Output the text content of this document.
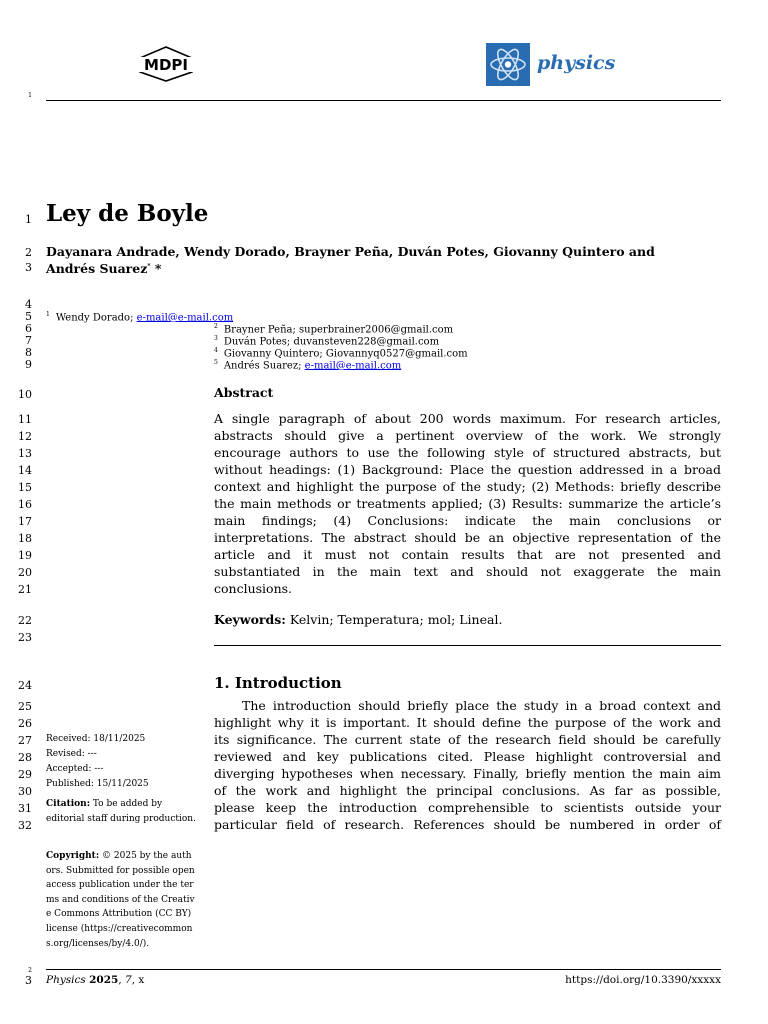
MDPI	physics
1
1 Ley de Boyle
2
3
Dayanara Andrade, Wendy Dorado, Brayner Peña, Duván Potes, Giovanny Quintero and
Andrés Suarez* *
4
5
6
7
8
9
$^1$ Wendy Dorado; e-mail@e-mail.com
$^2$ Brayner Peña; superbrainer2006@gmail.com
$^3$ Duván Potes; duvansteven228@gmail.com
$^4$ Giovanny Quintero; Giovannyq0527@gmail.com
$^5$ Andrés Suarez; e-mail@e-mail.com
10	Abstract
11
12
13
14
15
16
17
18
19
20
21
A single paragraph of about 200 words maximum. For research articles,
abstracts should give a pertinent overview of the work. We strongly
encourage authors to use the following style of structured abstracts, but
without headings: (1) Background: Place the question addressed in a broad
context and highlight the purpose of the study; (2) Methods: briefly describe
the main methods or treatments applied; (3) Results: summarize the article’s
main findings; (4) Conclusions: indicate the main conclusions or
interpretations. The abstract should be an objective representation of the
article and it must not contain results that are not presented and
substantiated in the main text and should not exaggerate the main
conclusions.
22
23
Keywords: Kelvin; Temperatura; mol; Lineal.
24	1. Introduction
25
26
27
28
29
30
31
32
The introduction should briefly place the study in a broad context and
highlight why it is important. It should define the purpose of the work and
its significance. The current state of the research field should be carefully
reviewed and key publications cited. Please highlight controversial and
diverging hypotheses when necessary. Finally, briefly mention the main aim
of the work and highlight the principal conclusions. As far as possible,
please keep the introduction comprehensible to scientists outside your
particular field of research. References should be numbered in order of
Received: 18/11/2025
Revised: ---
Accepted: ---
Published: 15/11/2025
Citation: To be added by editorial staff during production.
Copyright: © 2025 by the authors. Submitted for possible open access publication under the terms and conditions of the Creative Commons Attribution (CC BY) license (https://creativecommons.org/licenses/by/4.0/).
2
3 Physics 2025, 7, x	https://doi.org/10.3390/xxxxx
